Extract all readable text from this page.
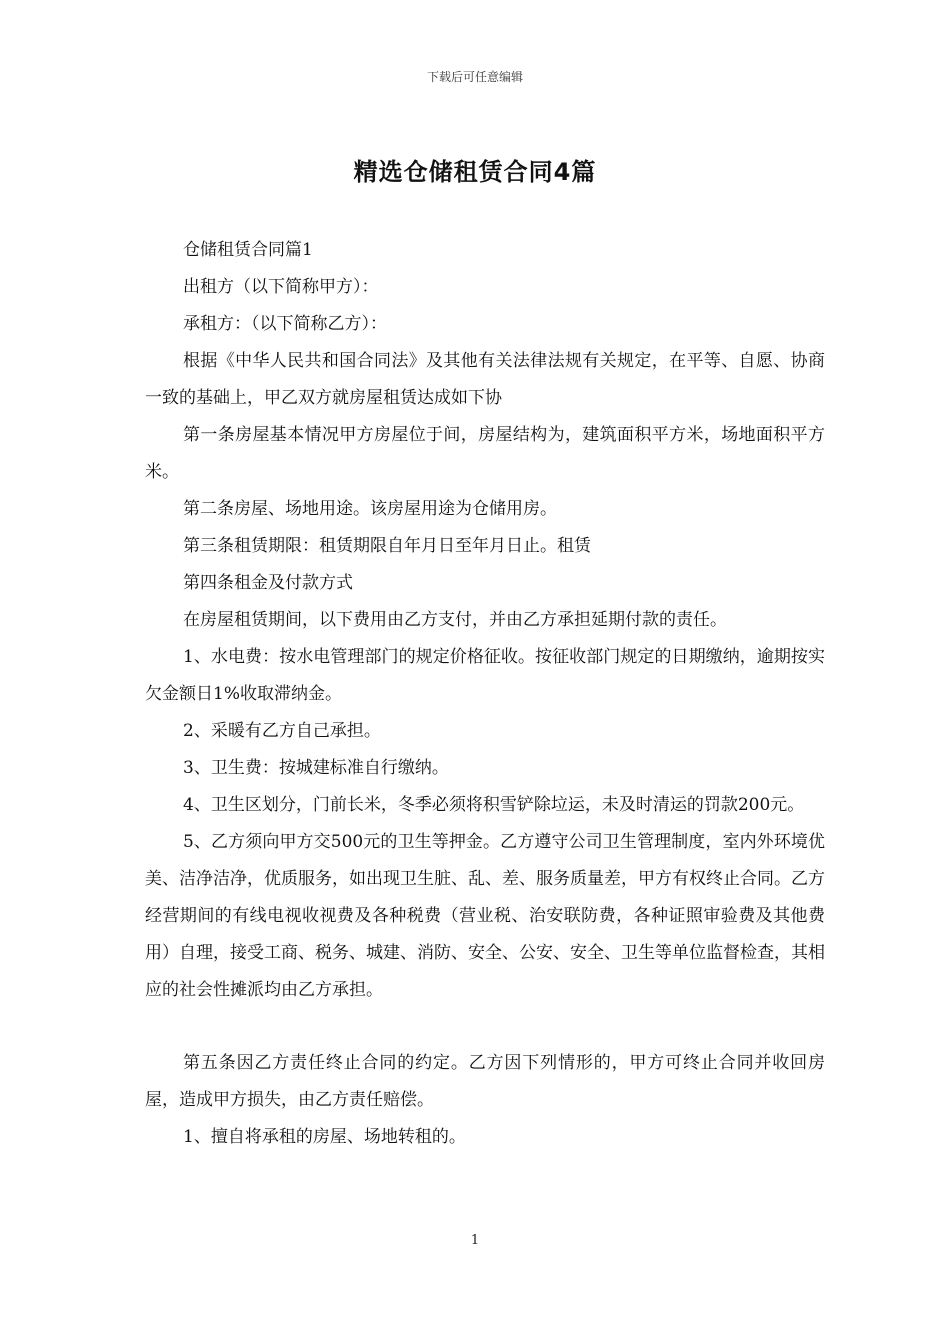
下载后可任意编辑
精选仓储租赁合同4篇

仓储租赁合同篇1

出租方（以下简称甲方）：

承租方：（以下简称乙方）：

根据《中华人民共和国合同法》及其他有关法律法规有关规定，在平等、自愿、协商一致的基础上，甲乙双方就房屋租赁达成如下协

第一条房屋基本情况甲方房屋位于间，房屋结构为，建筑面积平方米，场地面积平方米。

第二条房屋、场地用途。该房屋用途为仓储用房。

第三条租赁期限：租赁期限自年月日至年月日止。租赁

第四条租金及付款方式

在房屋租赁期间，以下费用由乙方支付，并由乙方承担延期付款的责任。

1、水电费：按水电管理部门的规定价格征收。按征收部门规定的日期缴纳，逾期按实欠金额日1%收取滞纳金。

2、采暖有乙方自己承担。

3、卫生费：按城建标准自行缴纳。

4、卫生区划分，门前长米，冬季必须将积雪铲除垃运，未及时清运的罚款200元。

5、乙方须向甲方交500元的卫生等押金。乙方遵守公司卫生管理制度，室内外环境优美、洁净洁净，优质服务，如出现卫生脏、乱、差、服务质量差，甲方有权终止合同。乙方经营期间的有线电视收视费及各种税费（营业税、治安联防费，各种证照审验费及其他费用）自理，接受工商、税务、城建、消防、安全、公安、安全、卫生等单位监督检查，其相应的社会性摊派均由乙方承担。

第五条因乙方责任终止合同的约定。乙方因下列情形的，甲方可终止合同并收回房屋，造成甲方损失，由乙方责任赔偿。

1、擅自将承租的房屋、场地转租的。

1
